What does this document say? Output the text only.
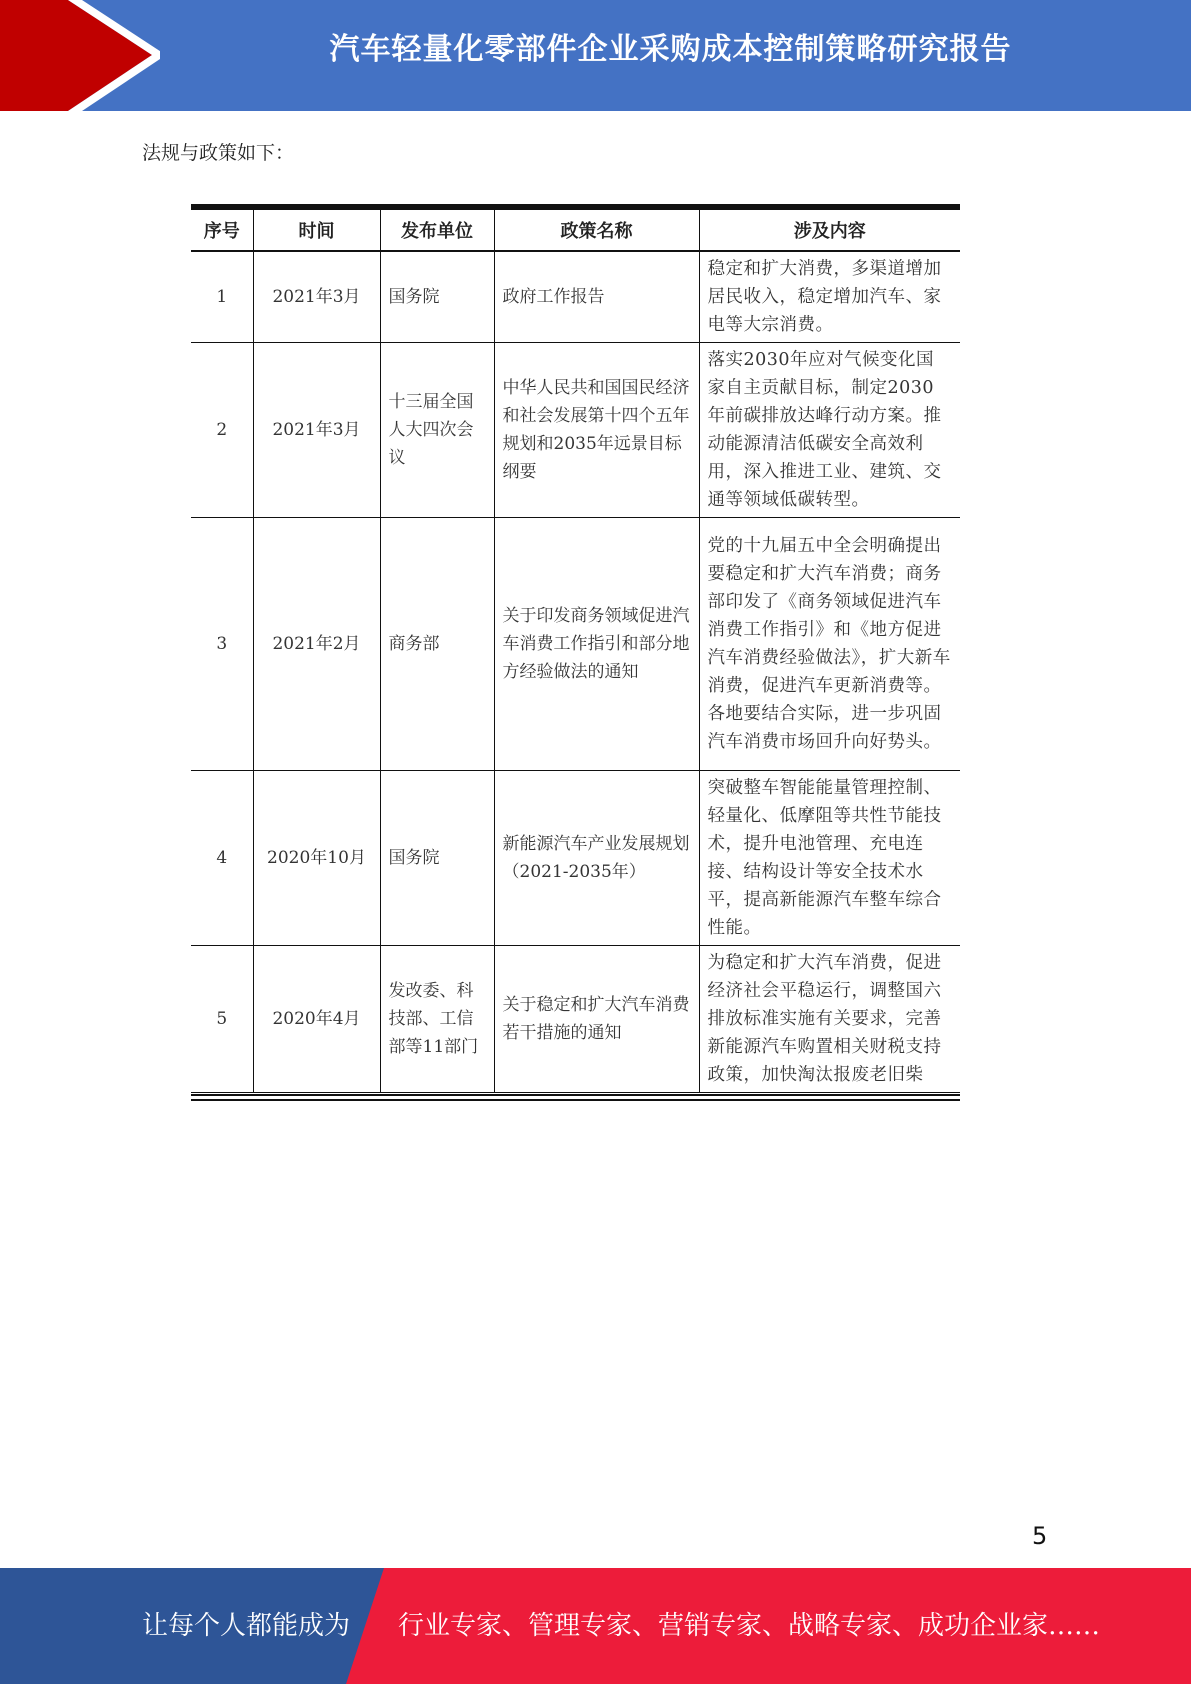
汽车轻量化零部件企业采购成本控制策略研究报告
法规与政策如下：
序号	时间	发布单位	政策名称	涉及内容
1	2021年3月	国务院	政府工作报告	稳定和扩大消费，多渠道增加居民收入，稳定增加汽车、家电等大宗消费。
2	2021年3月	十三届全国人大四次会议	中华人民共和国国民经济和社会发展第十四个五年规划和2035年远景目标纲要	落实2030年应对气候变化国家自主贡献目标，制定2030年前碳排放达峰行动方案。推动能源清洁低碳安全高效利用，深入推进工业、建筑、交通等领域低碳转型。
3	2021年2月	商务部	关于印发商务领域促进汽车消费工作指引和部分地方经验做法的通知	党的十九届五中全会明确提出要稳定和扩大汽车消费；商务部印发了《商务领域促进汽车消费工作指引》和《地方促进汽车消费经验做法》，扩大新车消费，促进汽车更新消费等。各地要结合实际，进一步巩固汽车消费市场回升向好势头。
4	2020年10月	国务院	新能源汽车产业发展规划（2021-2035年）	突破整车智能能量管理控制、轻量化、低摩阻等共性节能技术，提升电池管理、充电连接、结构设计等安全技术水平，提高新能源汽车整车综合性能。
5	2020年4月	发改委、科技部、工信部等11部门	关于稳定和扩大汽车消费若干措施的通知	为稳定和扩大汽车消费，促进经济社会平稳运行，调整国六排放标准实施有关要求，完善新能源汽车购置相关财税支持政策，加快淘汰报废老旧柴
5
让每个人都能成为 行业专家、管理专家、营销专家、战略专家、成功企业家……
